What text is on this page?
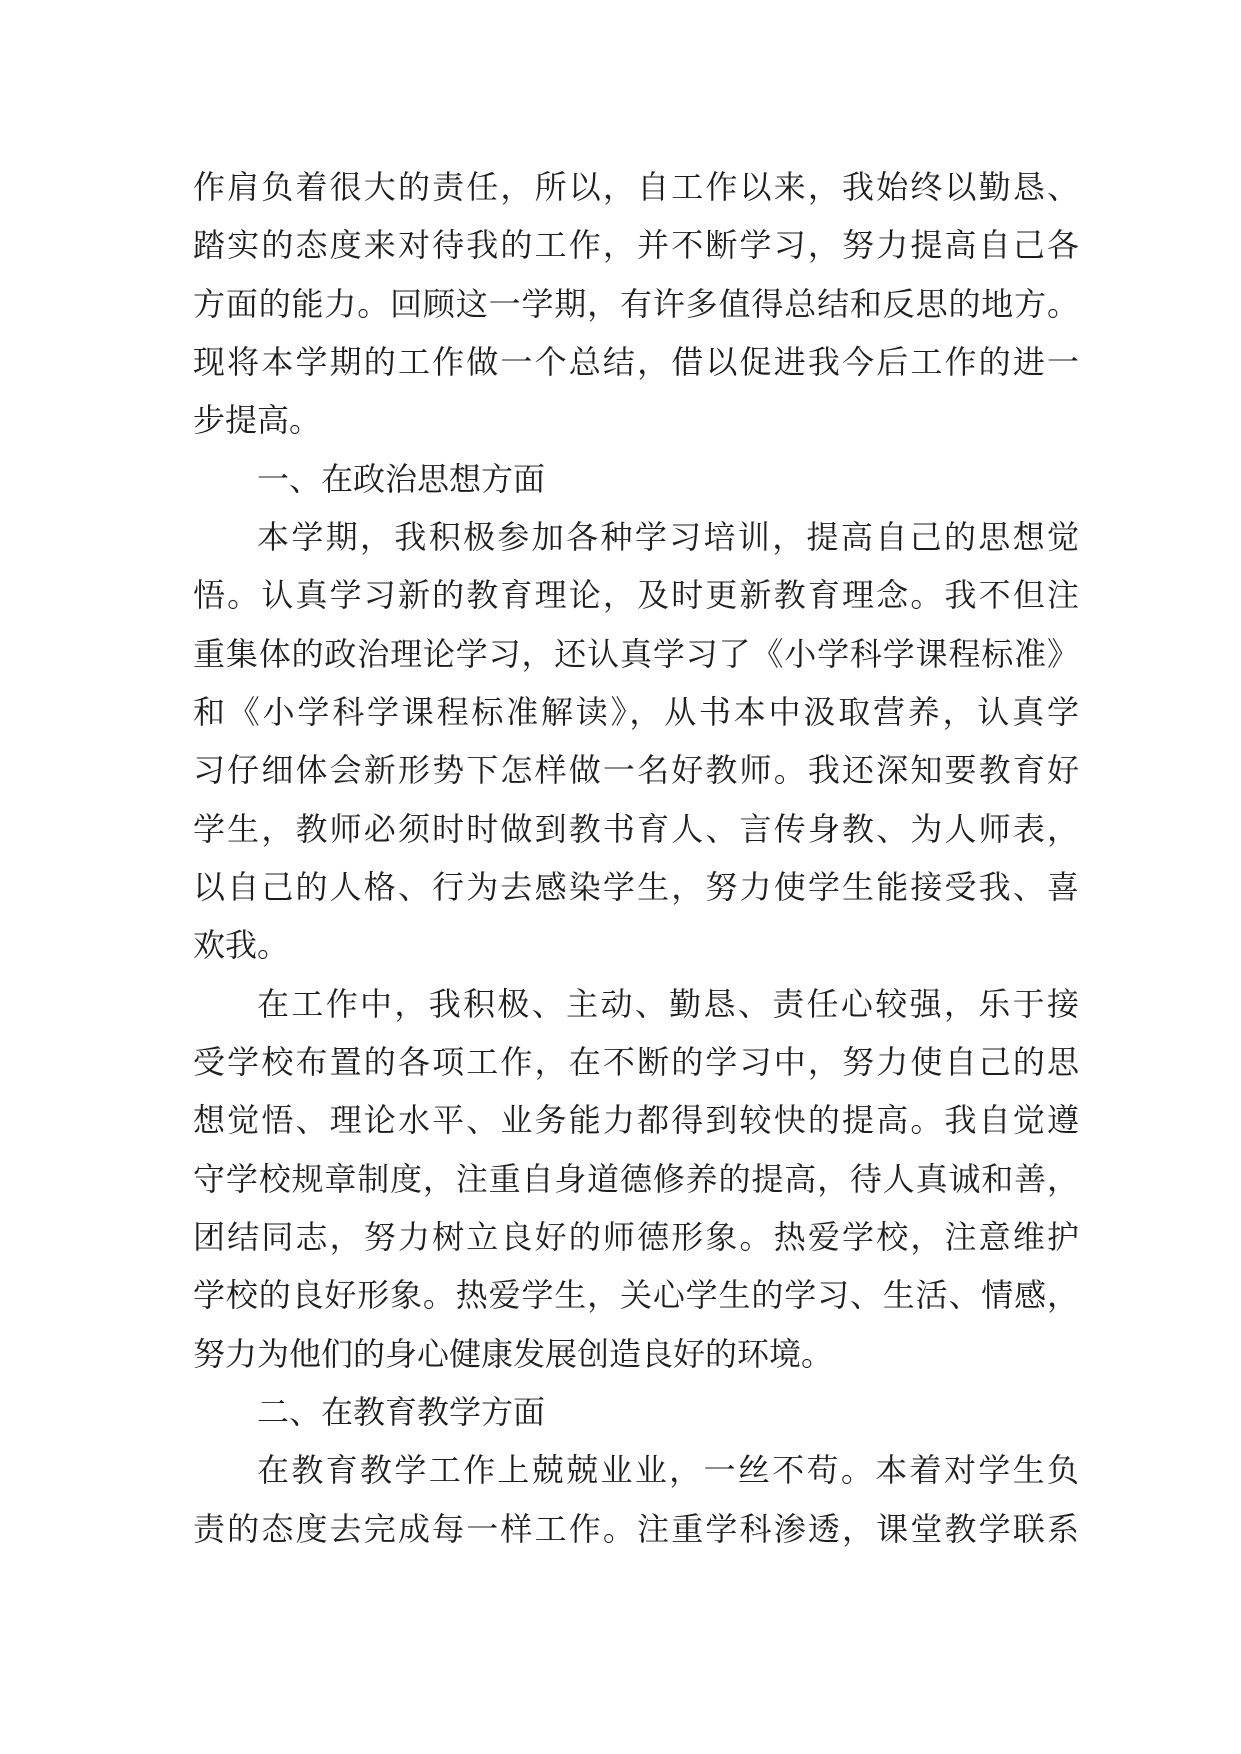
作肩负着很大的责任，所以，自工作以来，我始终以勤恳、
踏实的态度来对待我的工作，并不断学习，努力提高自己各
方面的能力。回顾这一学期，有许多值得总结和反思的地方。
现将本学期的工作做一个总结，借以促进我今后工作的进一
步提高。
一、在政治思想方面
本学期，我积极参加各种学习培训，提高自己的思想觉
悟。认真学习新的教育理论，及时更新教育理念。我不但注
重集体的政治理论学习，还认真学习了《小学科学课程标准》
和《小学科学课程标准解读》，从书本中汲取营养，认真学
习仔细体会新形势下怎样做一名好教师。我还深知要教育好
学生，教师必须时时做到教书育人、言传身教、为人师表，
以自己的人格、行为去感染学生，努力使学生能接受我、喜
欢我。
在工作中，我积极、主动、勤恳、责任心较强，乐于接
受学校布置的各项工作，在不断的学习中，努力使自己的思
想觉悟、理论水平、业务能力都得到较快的提高。我自觉遵
守学校规章制度，注重自身道德修养的提高，待人真诚和善，
团结同志，努力树立良好的师德形象。热爱学校，注意维护
学校的良好形象。热爱学生，关心学生的学习、生活、情感，
努力为他们的身心健康发展创造良好的环境。
二、在教育教学方面
在教育教学工作上兢兢业业，一丝不苟。本着对学生负
责的态度去完成每一样工作。注重学科渗透，课堂教学联系
